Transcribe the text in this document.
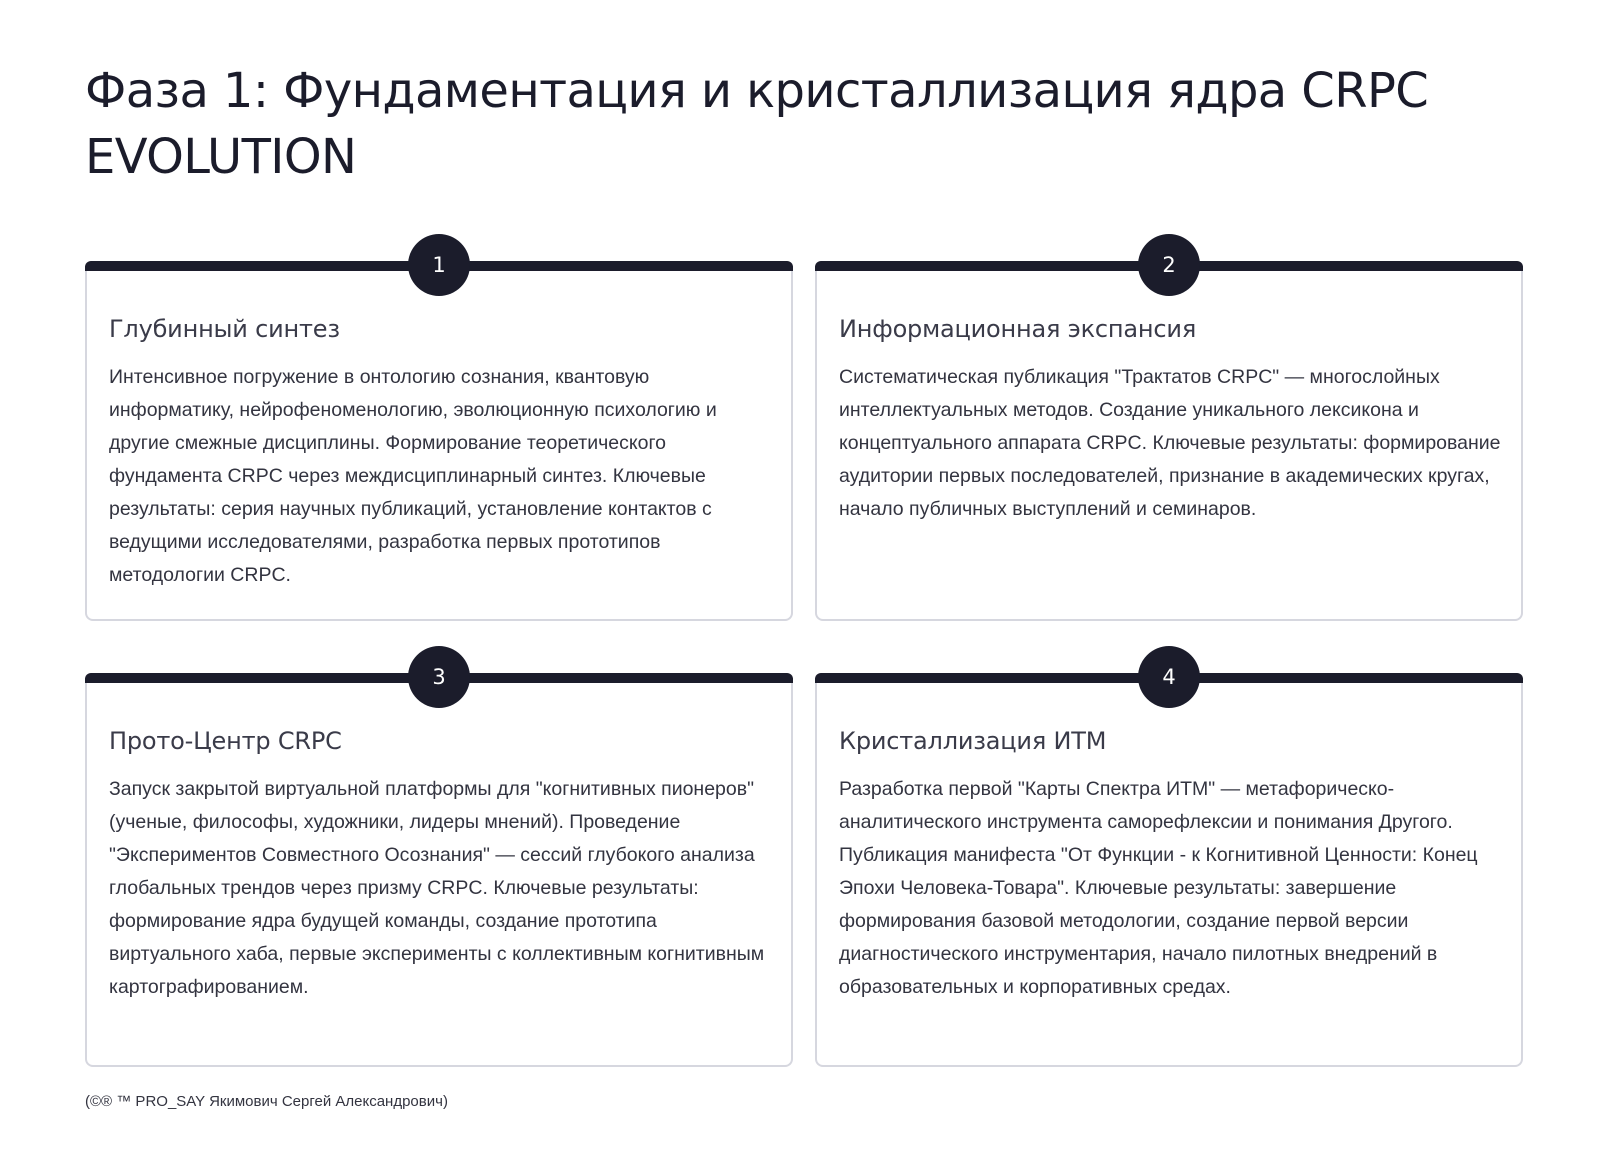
Фаза 1: Фундаментация и кристаллизация ядра CRPC EVOLUTION
1
Глубинный синтез

Интенсивное погружение в онтологию сознания, квантовую информатику, нейрофеноменологию, эволюционную психологию и другие смежные дисциплины. Формирование теоретического фундамента CRPC через междисциплинарный синтез. Ключевые результаты: серия научных публикаций, установление контактов с ведущими исследователями, разработка первых прототипов методологии CRPC.

2
Информационная экспансия

Систематическая публикация "Трактатов CRPC" — многослойных интеллектуальных методов. Создание уникального лексикона и концептуального аппарата CRPC. Ключевые результаты: формирование аудитории первых последователей, признание в академических кругах, начало публичных выступлений и семинаров.

3
Прото-Центр CRPC

Запуск закрытой виртуальной платформы для "когнитивных пионеров" (ученые, философы, художники, лидеры мнений). Проведение "Экспериментов Совместного Осознания" — сессий глубокого анализа глобальных трендов через призму CRPC. Ключевые результаты: формирование ядра будущей команды, создание прототипа виртуального хаба, первые эксперименты с коллективным когнитивным картографированием.

4
Кристаллизация ИТМ

Разработка первой "Карты Спектра ИТМ" — метафорическо-аналитического инструмента саморефлексии и понимания Другого. Публикация манифеста "От Функции - к Когнитивной Ценности: Конец Эпохи Человека-Товара". Ключевые результаты: завершение формирования базовой методологии, создание первой версии диагностического инструментария, начало пилотных внедрений в образовательных и корпоративных средах.

(©® ™ PRO_SAY Якимович Сергей Александрович)
